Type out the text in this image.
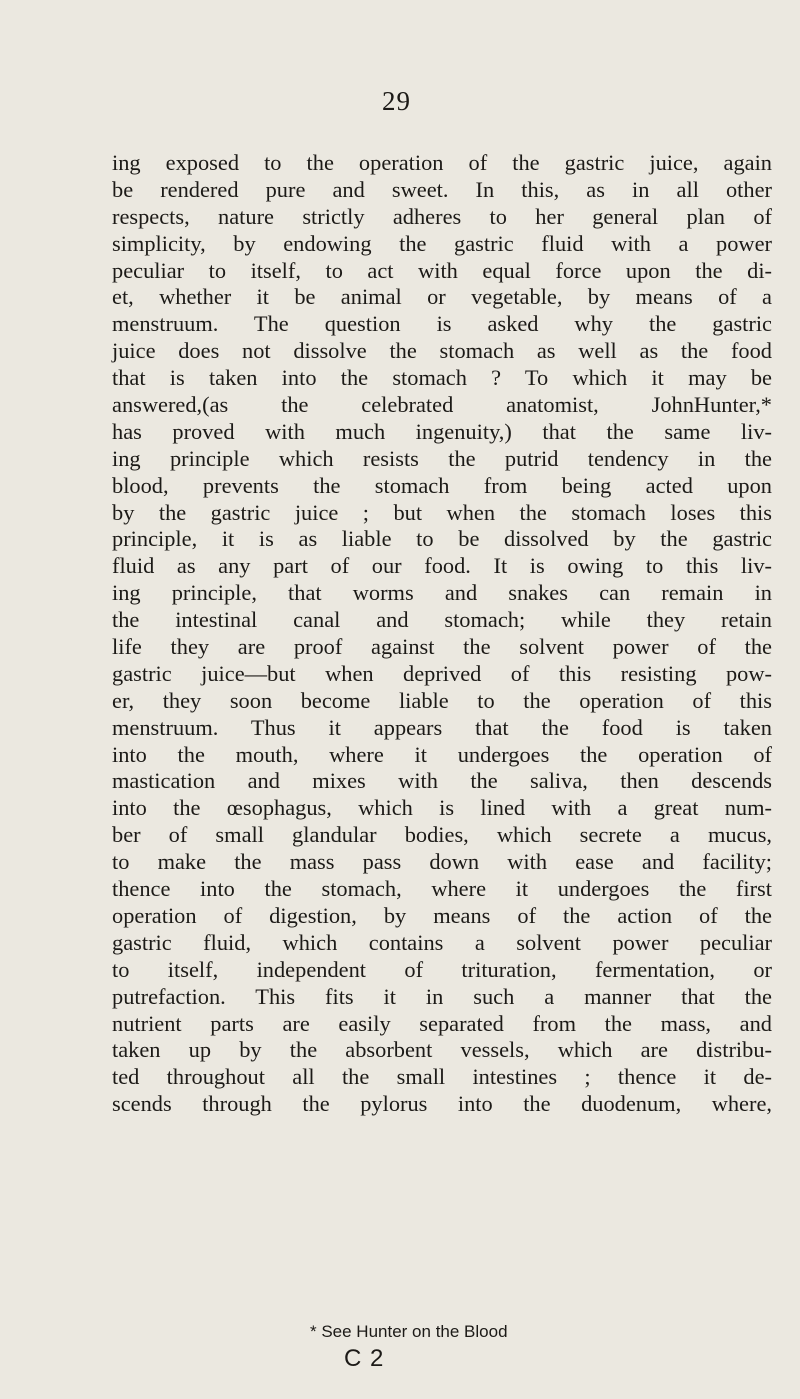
29
ing exposed to the operation of the gastric juice, again
be rendered pure and sweet. In this, as in all other
respects, nature strictly adheres to her general plan of
simplicity, by endowing the gastric fluid with a power
peculiar to itself, to act with equal force upon the di-
et, whether it be animal or vegetable, by means of a
menstruum. The question is asked why the gastric
juice does not dissolve the stomach as well as the food
that is taken into the stomach ? To which it may be
answered,(as the celebrated anatomist, JohnHunter,*
has proved with much ingenuity,) that the same liv-
ing principle which resists the putrid tendency in the
blood, prevents the stomach from being acted upon
by the gastric juice ; but when the stomach loses this
principle, it is as liable to be dissolved by the gastric
fluid as any part of our food. It is owing to this liv-
ing principle, that worms and snakes can remain in
the intestinal canal and stomach; while they retain
life they are proof against the solvent power of the
gastric juice—but when deprived of this resisting pow-
er, they soon become liable to the operation of this
menstruum. Thus it appears that the food is taken
into the mouth, where it undergoes the operation of
mastication and mixes with the saliva, then descends
into the œsophagus, which is lined with a great num-
ber of small glandular bodies, which secrete a mucus,
to make the mass pass down with ease and facility;
thence into the stomach, where it undergoes the first
operation of digestion, by means of the action of the
gastric fluid, which contains a solvent power peculiar
to itself, independent of trituration, fermentation, or
putrefaction. This fits it in such a manner that the
nutrient parts are easily separated from the mass, and
taken up by the absorbent vessels, which are distribu-
ted throughout all the small intestines ; thence it de-
scends through the pylorus into the duodenum, where,
* See Hunter on the Blood
C 2
